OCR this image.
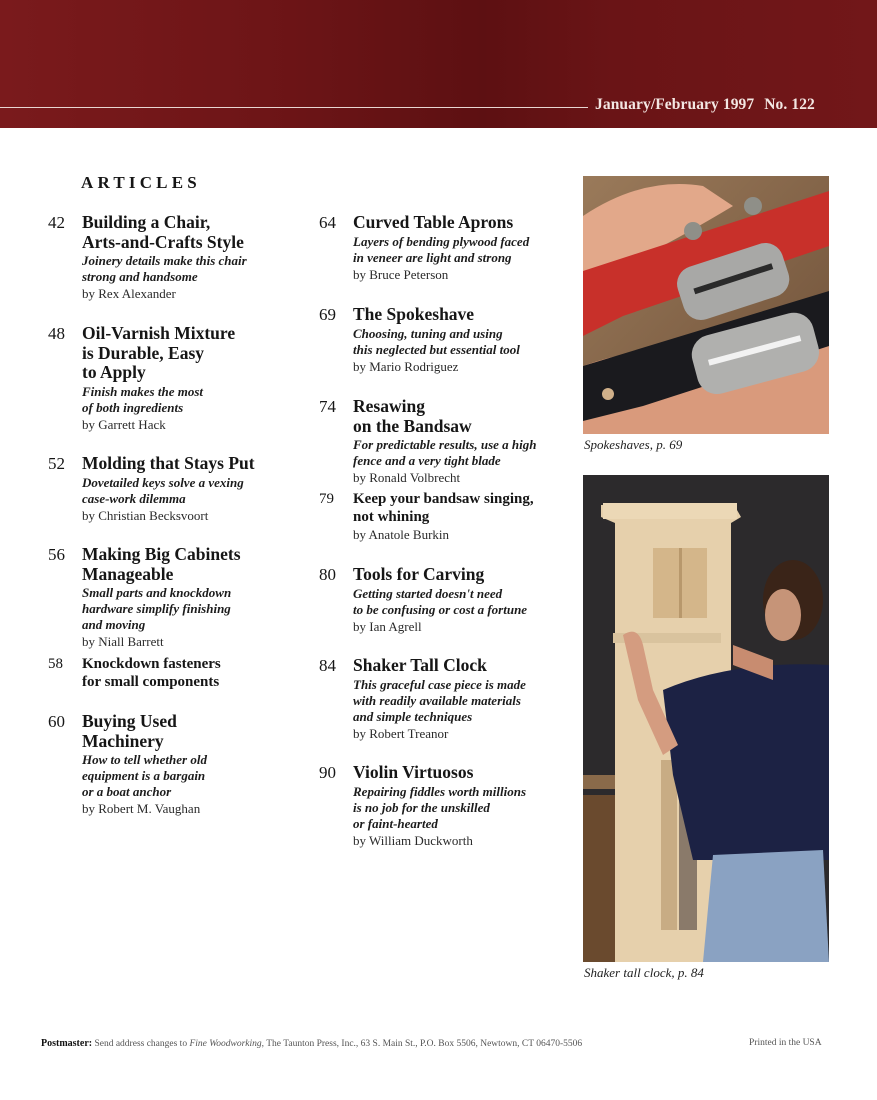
January/February 1997 No. 122
ARTICLES
42 Building a Chair,
Arts-and-Crafts Style
Joinery details make this chair
strong and handsome
by Rex Alexander
48 Oil-Varnish Mixture
is Durable, Easy
to Apply
Finish makes the most
of both ingredients
by Garrett Hack
52 Molding that Stays Put
Dovetailed keys solve a vexing
case-work dilemma
by Christian Becksvoort
56 Making Big Cabinets
Manageable
Small parts and knockdown
hardware simplify finishing
and moving
by Niall Barrett
58	Knockdown fasteners
for small components
60 Buying Used
Machinery
How to tell whether old
equipment is a bargain
or a boat anchor
by Robert M. Vaughan
64 Curved Table Aprons
Layers of bending plywood faced
in veneer are light and strong
by Bruce Peterson
69 The Spokeshave
Choosing, tuning and using
this neglected but essential tool
by Mario Rodriguez
74 Resawing
on the Bandsaw
For predictable results, use a high
fence and a very tight blade
by Ronald Volbrecht
79	Keep your bandsaw singing,
not whining
by Anatole Burkin
80 Tools for Carving
Getting started doesn't need
to be confusing or cost a fortune
by Ian Agrell
84 Shaker Tall Clock
This graceful case piece is made
with readily available materials
and simple techniques
by Robert Treanor
90 Violin Virtuosos
Repairing fiddles worth millions
is no job for the unskilled
or faint-hearted
by William Duckworth
Spokeshaves, p. 69
Shaker tall clock, p. 84
Postmaster: Send address changes to Fine Woodworking, The Taunton Press, Inc., 63 S. Main St., P.O. Box 5506, Newtown, CT 06470-5506	Printed in the USA
